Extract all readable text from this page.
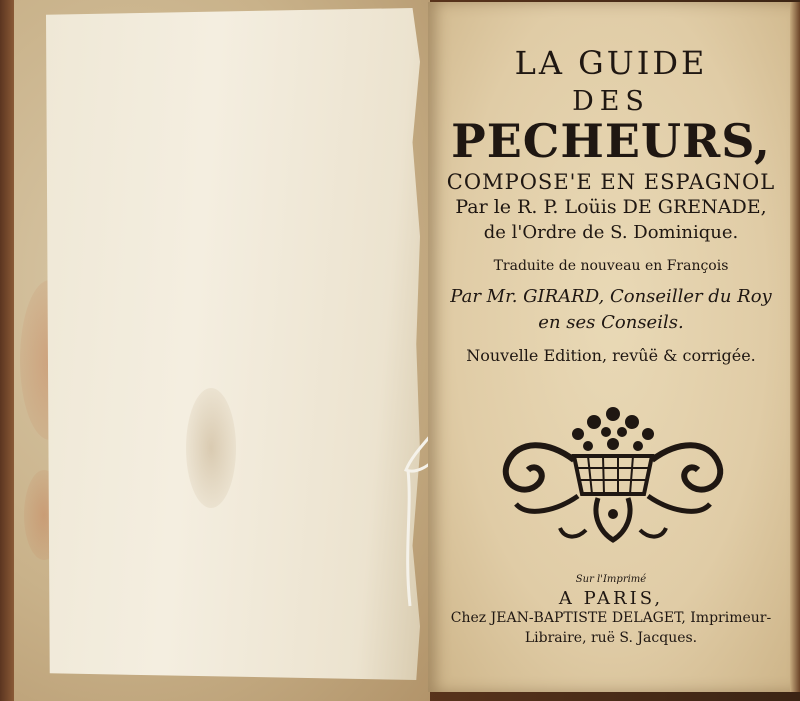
LA GUIDE
DES
PECHEURS,
COMPOSE'E EN ESPAGNOL
Par le R. P. Loüis DE GRENADE,
de l'Ordre de S. Dominique.
Traduite de nouveau en François
Par Mr. GIRARD, Conseiller du Roy
en ses Conseils.
Nouvelle Edition, revûë & corrigée.
Sur l'Imprimé
A PARIS,
Chez JEAN-BAPTISTE DELAGET, Imprimeur-
Libraire, ruë S. Jacques.
